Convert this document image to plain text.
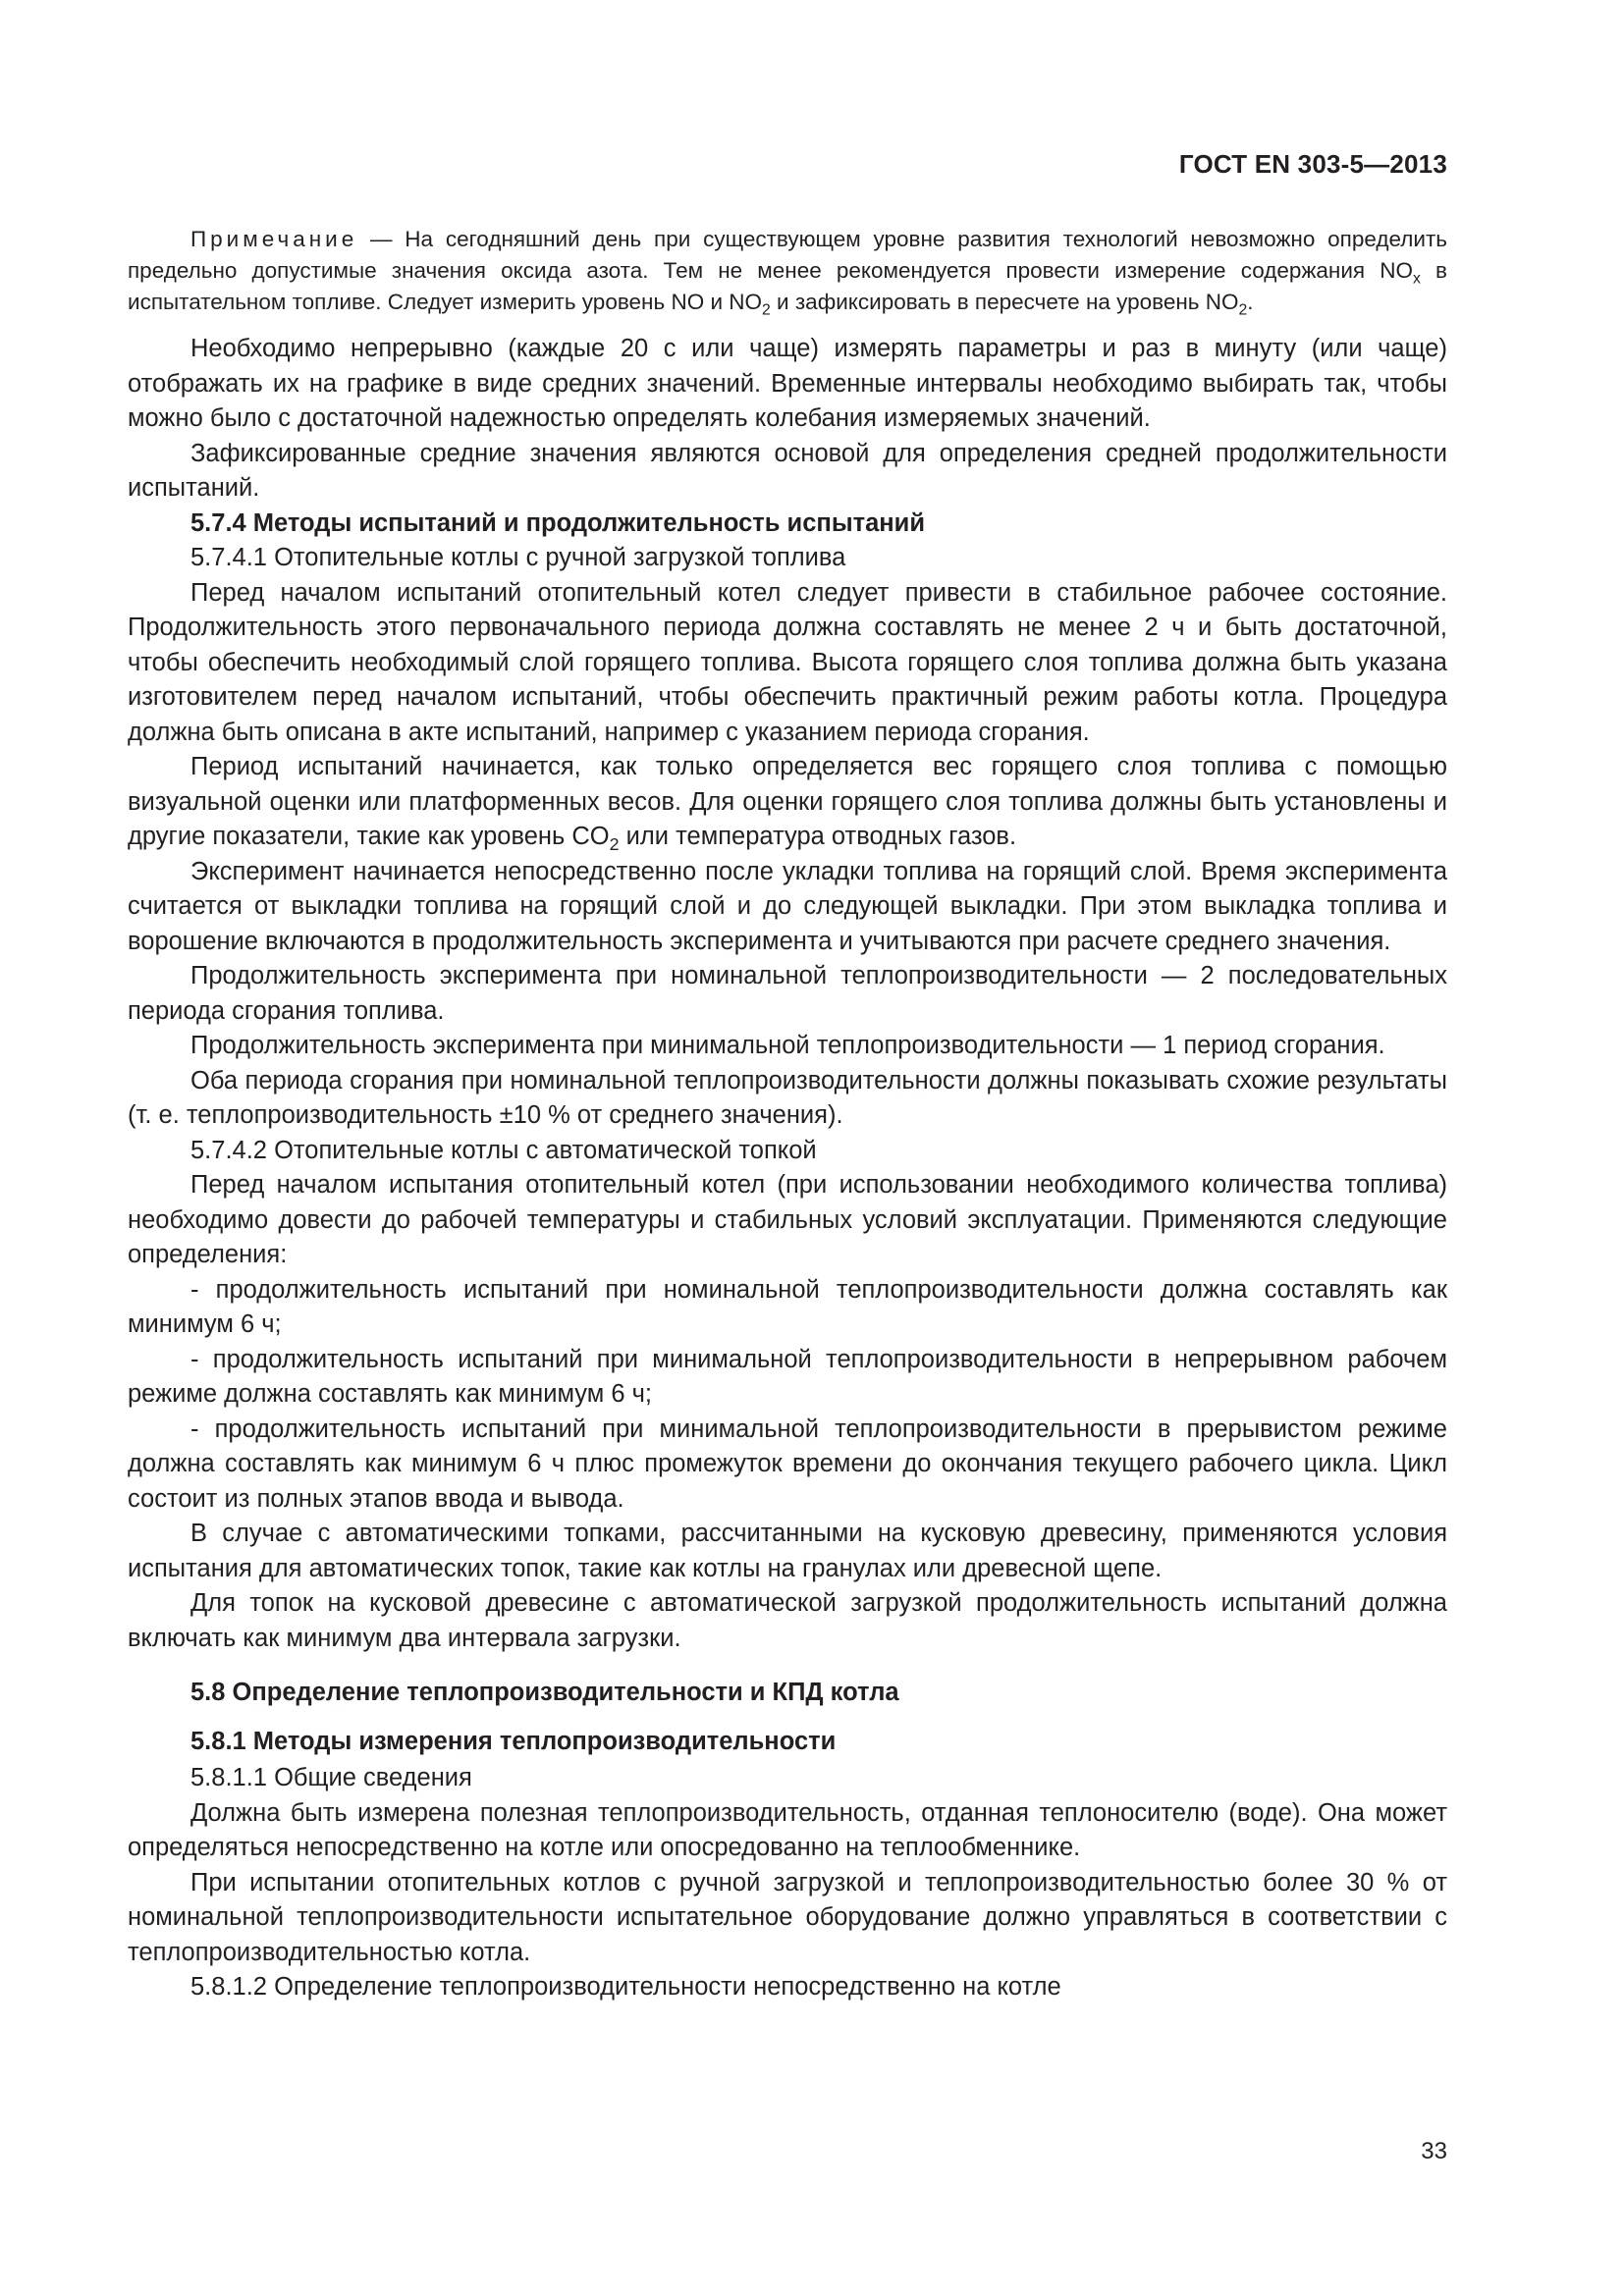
ГОСТ EN 303-5—2013

Примечание — На сегодняшний день при существующем уровне развития технологий невозможно определить предельно допустимые значения оксида азота. Тем не менее рекомендуется провести измерение содержания $NO_x$ в испытательном топливе. Следует измерить уровень NO и $NO_2$ и зафиксировать в пересчете на уровень $NO_2$.

Необходимо непрерывно (каждые 20 с или чаще) измерять параметры и раз в минуту (или чаще) отображать их на графике в виде средних значений. Временные интервалы необходимо выбирать так, чтобы можно было с достаточной надежностью определять колебания измеряемых значений.

Зафиксированные средние значения являются основой для определения средней продолжительности испытаний.

5.7.4 Методы испытаний и продолжительность испытаний

5.7.4.1 Отопительные котлы с ручной загрузкой топлива

Перед началом испытаний отопительный котел следует привести в стабильное рабочее состояние. Продолжительность этого первоначального периода должна составлять не менее 2 ч и быть достаточной, чтобы обеспечить необходимый слой горящего топлива. Высота горящего слоя топлива должна быть указана изготовителем перед началом испытаний, чтобы обеспечить практичный режим работы котла. Процедура должна быть описана в акте испытаний, например с указанием периода сгорания.

Период испытаний начинается, как только определяется вес горящего слоя топлива с помощью визуальной оценки или платформенных весов. Для оценки горящего слоя топлива должны быть установлены и другие показатели, такие как уровень $CO_2$ или температура отводных газов.

Эксперимент начинается непосредственно после укладки топлива на горящий слой. Время эксперимента считается от выкладки топлива на горящий слой и до следующей выкладки. При этом выкладка топлива и ворошение включаются в продолжительность эксперимента и учитываются при расчете среднего значения.

Продолжительность эксперимента при номинальной теплопроизводительности — 2 последовательных периода сгорания топлива.

Продолжительность эксперимента при минимальной теплопроизводительности — 1 период сгорания.

Оба периода сгорания при номинальной теплопроизводительности должны показывать схожие результаты (т. е. теплопроизводительность ±10 % от среднего значения).

5.7.4.2 Отопительные котлы с автоматической топкой

Перед началом испытания отопительный котел (при использовании необходимого количества топлива) необходимо довести до рабочей температуры и стабильных условий эксплуатации. Применяются следующие определения:

- продолжительность испытаний при номинальной теплопроизводительности должна составлять как минимум 6 ч;

- продолжительность испытаний при минимальной теплопроизводительности в непрерывном рабочем режиме должна составлять как минимум 6 ч;

- продолжительность испытаний при минимальной теплопроизводительности в прерывистом режиме должна составлять как минимум 6 ч плюс промежуток времени до окончания текущего рабочего цикла. Цикл состоит из полных этапов ввода и вывода.

В случае с автоматическими топками, рассчитанными на кусковую древесину, применяются условия испытания для автоматических топок, такие как котлы на гранулах или древесной щепе.

Для топок на кусковой древесине с автоматической загрузкой продолжительность испытаний должна включать как минимум два интервала загрузки.

5.8 Определение теплопроизводительности и КПД котла

5.8.1 Методы измерения теплопроизводительности

5.8.1.1 Общие сведения

Должна быть измерена полезная теплопроизводительность, отданная теплоносителю (воде). Она может определяться непосредственно на котле или опосредованно на теплообменнике.

При испытании отопительных котлов с ручной загрузкой и теплопроизводительностью более 30 % от номинальной теплопроизводительности испытательное оборудование должно управляться в соответствии с теплопроизводительностью котла.

5.8.1.2 Определение теплопроизводительности непосредственно на котле

33
